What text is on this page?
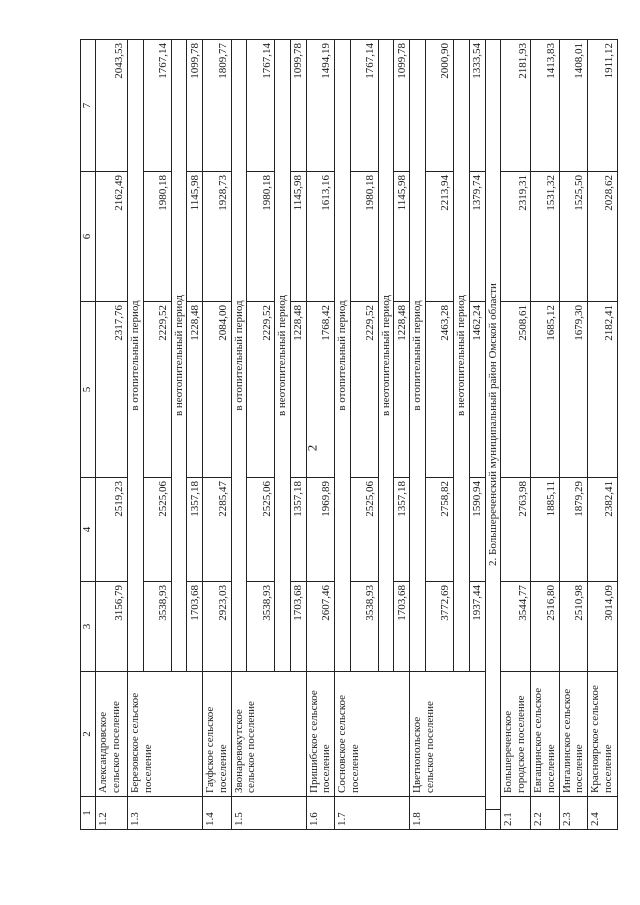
2
1		2	3	4	5	6	7
1.2		Александровское сельское поселение	3156,79	2519,23	2317,76	2162,49	2043,53
1.3		Березовское сельское поселение	в отопительный период				
			3538,93	2525,06	2229,52	1980,18	1767,14
			в неотопительный период				
			1703,68	1357,18	1228,48	1145,98	1099,78
1.4		Гауфское сельское поселение	2923,03	2285,47	2084,00	1928,73	1809,77
1.5		Звонаревокутское сельское поселение	в отопительный период				
			3538,93	2525,06	2229,52	1980,18	1767,14
			в неотопительный период				
			1703,68	1357,18	1228,48	1145,98	1099,78
1.6		Пришибское сельское поселение	2607,46	1969,89	1768,42	1613,16	1494,19
1.7		Сосновское сельское поселение	в отопительный период				
			3538,93	2525,06	2229,52	1980,18	1767,14
			в неотопительный период				
			1703,68	1357,18	1228,48	1145,98	1099,78
1.8		Цветнопольское сельское поселение	в отопительный период				
			3772,69	2758,82	2463,28	2213,94	2000,90
			в неотопительный период				
			1937,44	1590,94	1462,24	1379,74	1333,54
	2. Большереченский муниципальный район Омской области						
2.1		Большереченское городское поселение	3544,77	2763,98	2508,61	2319,31	2181,93
2.2		Евгащинское сельское поселение	2516,80	1885,11	1685,12	1531,32	1413,83
2.3		Ингалинское сельское поселение	2510,98	1879,29	1679,30	1525,50	1408,01
2.4		Красноярское сельское поселение	3014,09	2382,41	2182,41	2028,62	1911,12
